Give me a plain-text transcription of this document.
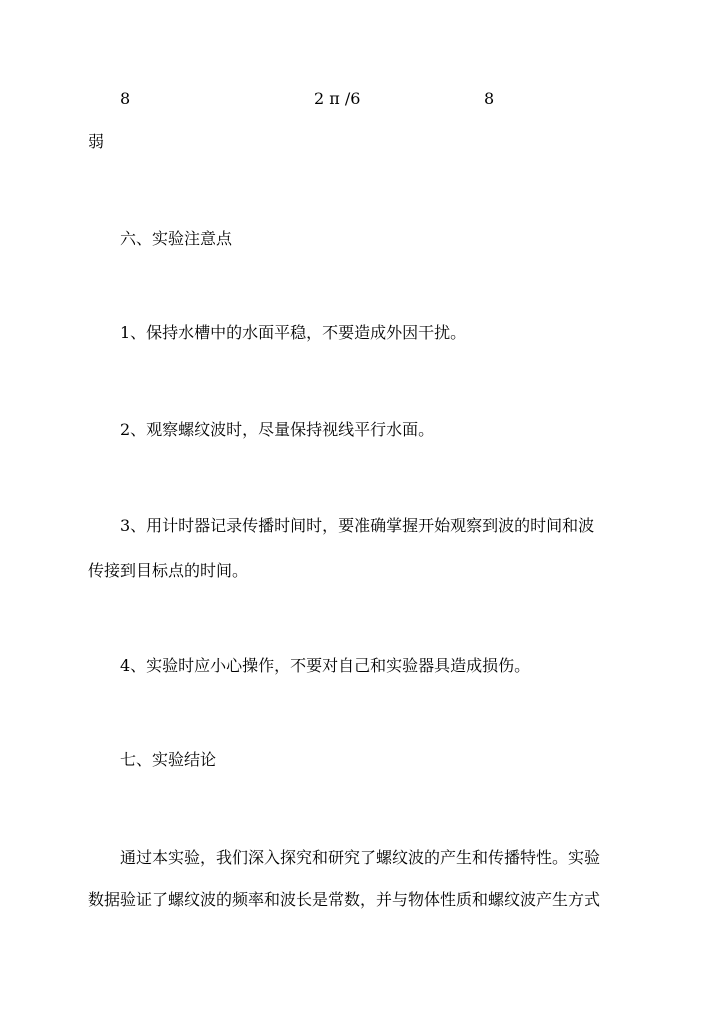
8	2 π /6	8
弱
六、实验注意点
1、保持水槽中的水面平稳，不要造成外因干扰。
2、观察螺纹波时，尽量保持视线平行水面。
3、用计时器记录传播时间时，要准确掌握开始观察到波的时间和波
传接到目标点的时间。
4、实验时应小心操作，不要对自己和实验器具造成损伤。
七、实验结论
通过本实验，我们深入探究和研究了螺纹波的产生和传播特性。实验
数据验证了螺纹波的频率和波长是常数，并与物体性质和螺纹波产生方式
